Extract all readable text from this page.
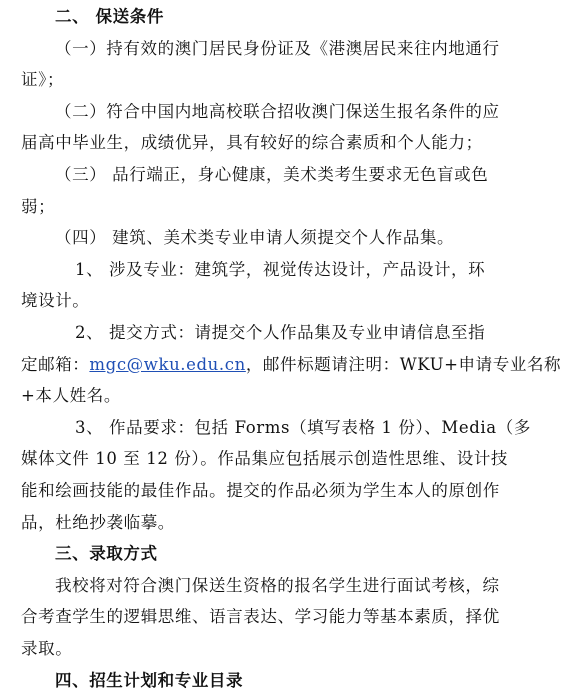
二、 保送条件
（一）持有效的澳门居民身份证及《港澳居民来往内地通行
证》；
（二）符合中国内地高校联合招收澳门保送生报名条件的应
届高中毕业生，成绩优异，具有较好的综合素质和个人能力；
（三） 品行端正，身心健康，美术类考生要求无色盲或色
弱；
（四） 建筑、美术类专业申请人须提交个人作品集。
1、 涉及专业：建筑学，视觉传达设计，产品设计，环
境设计。
2、 提交方式：请提交个人作品集及专业申请信息至指
定邮箱：mgc@wku.edu.cn，邮件标题请注明：WKU+申请专业名称
+本人姓名。
3、 作品要求：包括 Forms（填写表格 1 份）、Media（多
媒体文件 10 至 12 份）。作品集应包括展示创造性思维、设计技
能和绘画技能的最佳作品。提交的作品必须为学生本人的原创作
品，杜绝抄袭临摹。
三、录取方式
我校将对符合澳门保送生资格的报名学生进行面试考核，综
合考查学生的逻辑思维、语言表达、学习能力等基本素质，择优
录取。
四、招生计划和专业目录
